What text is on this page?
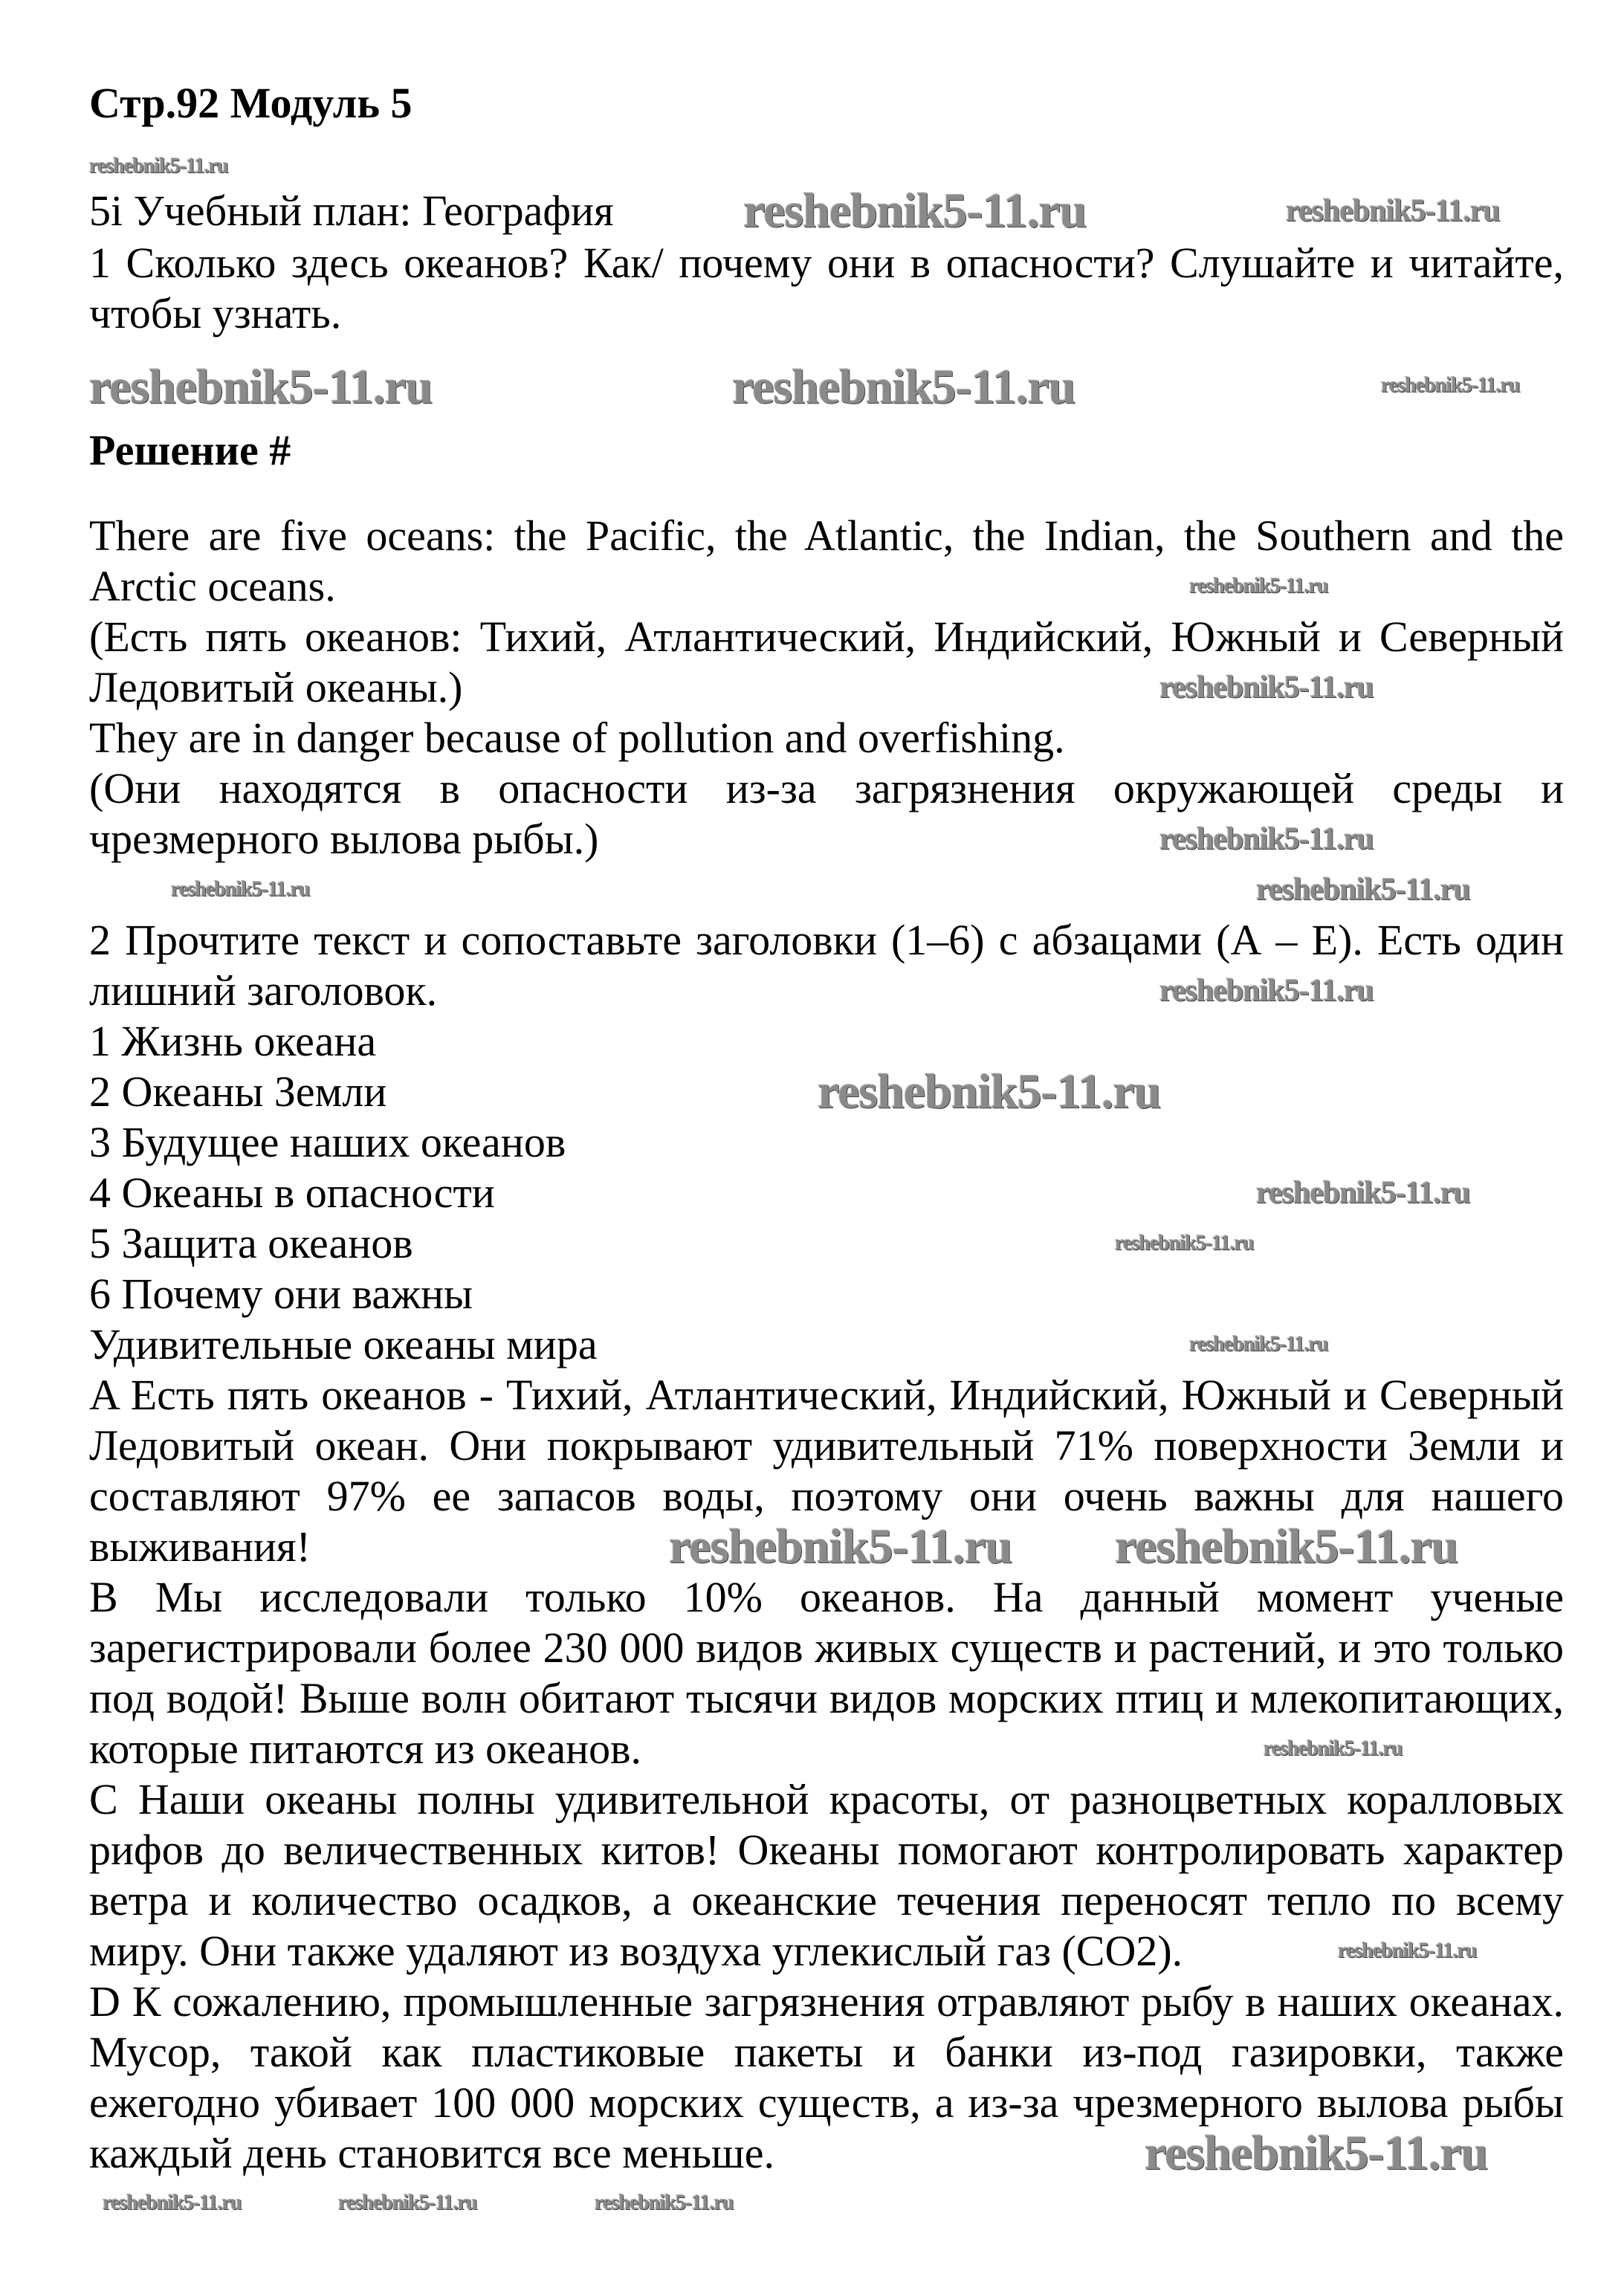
Стр.92 Модуль 5
5i Учебный план: География
1 Сколько здесь океанов? Как/ почему они в опасности? Слушайте и читайте, чтобы узнать.
Решение #

There are five oceans: the Pacific, the Atlantic, the Indian, the Southern and the Arctic oceans.

(Есть пять океанов: Тихий, Атлантический, Индийский, Южный и Северный Ледовитый океаны.)

They are in danger because of pollution and overfishing.

(Они находятся в опасности из-за загрязнения окружающей среды и чрезмерного вылова рыбы.)

2 Прочтите текст и сопоставьте заголовки (1–6) с абзацами (А – Е). Есть один лишний заголовок.

1 Жизнь океана

2 Океаны Земли

3 Будущее наших океанов

4 Океаны в опасности

5 Защита океанов

6 Почему они важны

Удивительные океаны мира

A Есть пять океанов - Тихий, Атлантический, Индийский, Южный и Северный Ледовитый океан. Они покрывают удивительный 71% поверхности Земли и составляют 97% ее запасов воды, поэтому они очень важны для нашего выживания!

B Мы исследовали только 10% океанов. На данный момент ученые зарегистрировали более 230 000 видов живых существ и растений, и это только под водой! Выше волн обитают тысячи видов морских птиц и млекопитающих, которые питаются из океанов.

C Наши океаны полны удивительной красоты, от разноцветных коралловых рифов до величественных китов! Океаны помогают контролировать характер ветра и количество осадков, а океанские течения переносят тепло по всему миру. Они также удаляют из воздуха углекислый газ (CO2).

D К сожалению, промышленные загрязнения отравляют рыбу в наших океанах. Мусор, такой как пластиковые пакеты и банки из-под газировки, также ежегодно убивает 100 000 морских существ, а из-за чрезмерного вылова рыбы каждый день становится все меньше.

reshebnik5-11.ru
reshebnik5-11.ru	reshebnik5-11.ru
reshebnik5-11.ru	reshebnik5-11.ru	reshebnik5-11.ru
reshebnik5-11.ru
reshebnik5-11.ru
reshebnik5-11.ru
reshebnik5-11.ru
reshebnik5-11.ru
reshebnik5-11.ru
reshebnik5-11.ru
reshebnik5-11.ru
reshebnik5-11.ru
reshebnik5-11.ru
reshebnik5-11.ru reshebnik5-11.ru
reshebnik5-11.ru
reshebnik5-11.ru
reshebnik5-11.ru
reshebnik5-11.ru	reshebnik5-11.ru	reshebnik5-11.ru
